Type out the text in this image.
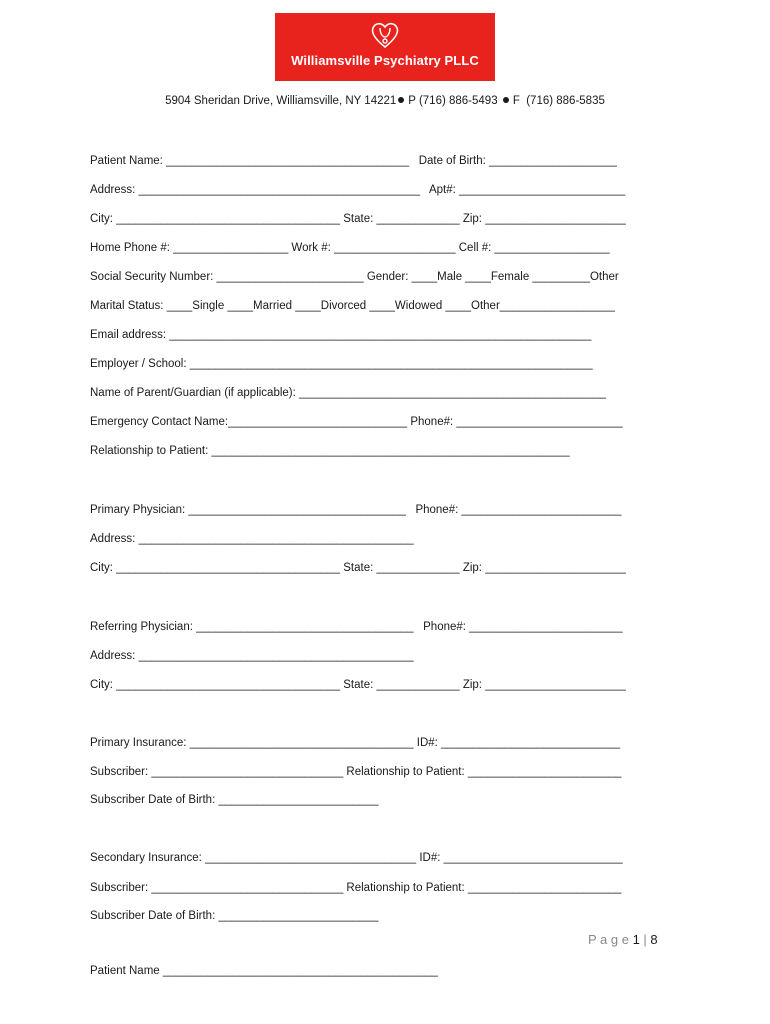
Williamsville Psychiatry PLLC
5904 Sheridan Drive, Williamsville, NY 14221 P (716) 886-5493 F  (716) 886-5835
Patient Name: ______________________________________   Date of Birth: ____________________
Address: ____________________________________________   Apt#: __________________________
City: ___________________________________ State: _____________ Zip: ______________________
Home Phone #: __________________ Work #: ___________________ Cell #: __________________
Social Security Number: _______________________ Gender: ____Male ____Female _________Other
Marital Status: ____Single ____Married ____Divorced ____Widowed ____Other__________________
Email address: __________________________________________________________________
Employer / School: _______________________________________________________________
Name of Parent/Guardian (if applicable): ________________________________________________
Emergency Contact Name:____________________________ Phone#: __________________________
Relationship to Patient: ________________________________________________________
Primary Physician: __________________________________   Phone#: _________________________
Address: ___________________________________________
City: ___________________________________ State: _____________ Zip: ______________________
Referring Physician: __________________________________   Phone#: ________________________
Address: ___________________________________________
City: ___________________________________ State: _____________ Zip: ______________________
Primary Insurance: ___________________________________ ID#: ____________________________
Subscriber: ______________________________ Relationship to Patient: ________________________
Subscriber Date of Birth: _________________________
Secondary Insurance: _________________________________ ID#: ____________________________
Subscriber: ______________________________ Relationship to Patient: ________________________
Subscriber Date of Birth: _________________________
P a g e 1 | 8
Patient Name ___________________________________________
